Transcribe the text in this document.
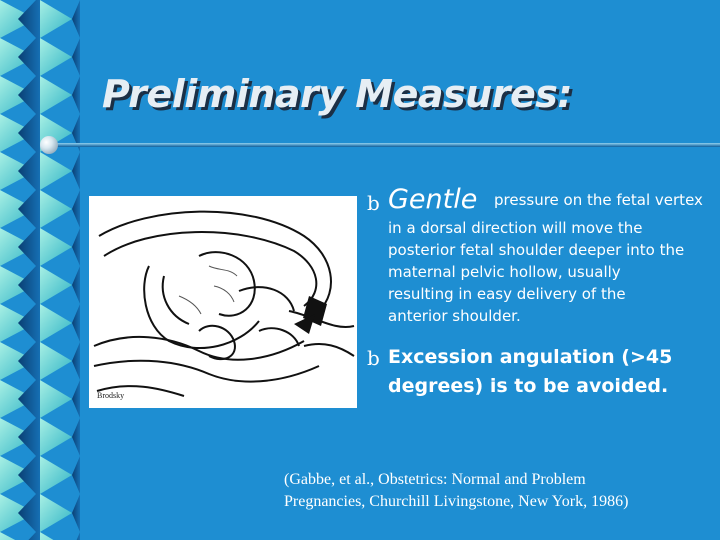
Preliminary Measures:
Brodsky
b Gentle pressure on the fetal vertex
in a dorsal direction will move the
posterior fetal shoulder deeper into the
maternal pelvic hollow, usually
resulting in easy delivery of the
anterior shoulder.
b Excession angulation (>45
degrees) is to be avoided.
(Gabbe, et al., Obstetrics: Normal and Problem
Pregnancies, Churchill Livingstone, New York, 1986)
